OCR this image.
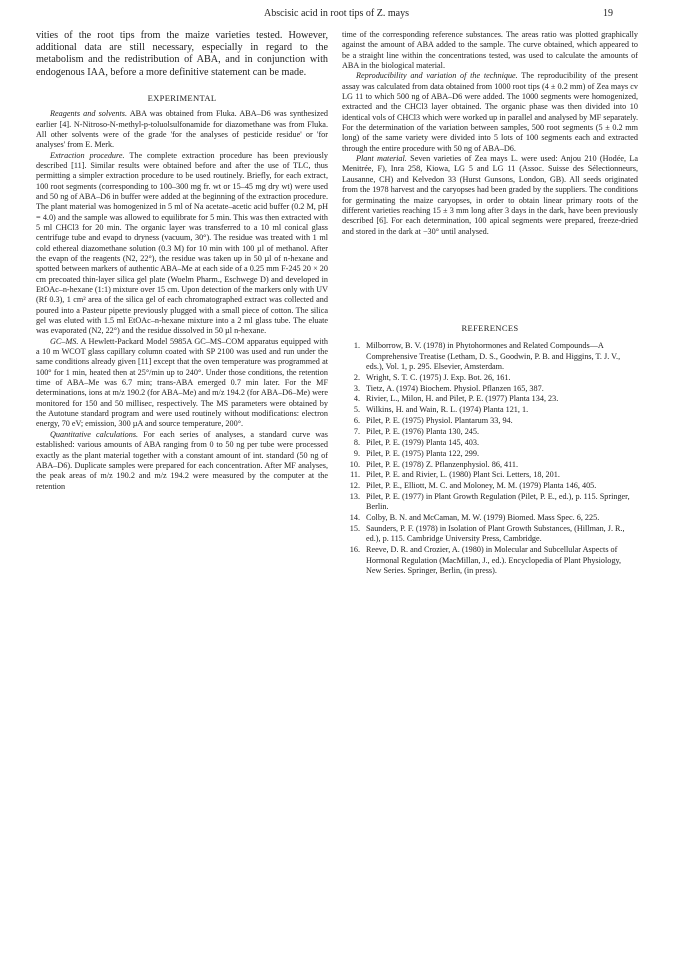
Abscisic acid in root tips of Z. mays	19

vities of the root tips from the maize varieties tested. However, additional data are still necessary, especially in regard to the metabolism and the redistribution of ABA, and in conjunction with endogenous IAA, before a more definitive statement can be made.

EXPERIMENTAL

Reagents and solvents. ABA was obtained from Fluka. ABA–D6 was synthesized earlier [4]. N-Nitroso-N-methyl-p-toluolsulfonamide for diazomethane was from Fluka. All other solvents were of the grade 'for the analyses of pesticide residue' or 'for analyses' from E. Merk.

Extraction procedure. The complete extraction procedure has been previously described [11]. Similar results were obtained before and after the use of TLC, thus permitting a simpler extraction procedure to be used routinely. Briefly, for each extract, 100 root segments (corresponding to 100–300 mg fr. wt or 15–45 mg dry wt) were used and 50 ng of ABA–D6 in buffer were added at the beginning of the extraction procedure. The plant material was homogenized in 5 ml of Na acetate–acetic acid buffer (0.2 M, pH = 4.0) and the sample was allowed to equilibrate for 5 min. This was then extracted with 5 ml CHCl3 for 20 min. The organic layer was transferred to a 10 ml conical glass centrifuge tube and evapd to dryness (vacuum, 30°). The residue was treated with 1 ml cold ethereal diazomethane solution (0.3 M) for 10 min with 100 µl of methanol. After the evapn of the reagents (N2, 22°), the residue was taken up in 50 µl of n-hexane and spotted between markers of authentic ABA–Me at each side of a 0.25 mm F-245 20 × 20 cm precoated thin-layer silica gel plate (Woelm Pharm., Eschwege D) and developed in EtOAc–n-hexane (1:1) mixture over 15 cm. Upon detection of the markers only with UV (Rf 0.3), 1 cm² area of the silica gel of each chromatographed extract was collected and poured into a Pasteur pipette previously plugged with a small piece of cotton. The silica gel was eluted with 1.5 ml EtOAc–n-hexane mixture into a 2 ml glass tube. The eluate was evaporated (N2, 22°) and the residue dissolved in 50 µl n-hexane.

GC–MS. A Hewlett-Packard Model 5985A GC–MS–COM apparatus equipped with a 10 m WCOT glass capillary column coated with SP 2100 was used and run under the same conditions already given [11] except that the oven temperature was programmed at 100° for 1 min, heated then at 25°/min up to 240°. Under those conditions, the retention time of ABA–Me was 6.7 min; trans-ABA emerged 0.7 min later. For the MF determinations, ions at m/z 190.2 (for ABA–Me) and m/z 194.2 (for ABA–D6–Me) were monitored for 150 and 50 millisec, respectively. The MS parameters were obtained by the Autotune standard program and were used routinely without modifications: electron energy, 70 eV; emission, 300 µA and source temperature, 200°.

Quantitative calculations. For each series of analyses, a standard curve was established: various amounts of ABA ranging from 0 to 50 ng per tube were processed exactly as the plant material together with a constant amount of int. standard (50 ng of ABA–D6). Duplicate samples were prepared for each concentration. After MF analyses, the peak areas of m/z 190.2 and m/z 194.2 were measured by the computer at the retention

time of the corresponding reference substances. The areas ratio was plotted graphically against the amount of ABA added to the sample. The curve obtained, which appeared to be a straight line within the concentrations tested, was used to calculate the amounts of ABA in the biological material.

Reproducibility and variation of the technique. The reproducibility of the present assay was calculated from data obtained from 1000 root tips (4 ± 0.2 mm) of Zea mays cv LG 11 to which 500 ng of ABA–D6 were added. The 1000 segments were homogenized, extracted and the CHCl3 layer obtained. The organic phase was then divided into 10 identical vols of CHCl3 which were worked up in parallel and analysed by MF separately. For the determination of the variation between samples, 500 root segments (5 ± 0.2 mm long) of the same variety were divided into 5 lots of 100 segments each and extracted through the entire procedure with 50 ng of ABA–D6.

Plant material. Seven varieties of Zea mays L. were used: Anjou 210 (Hodée, La Menitrée, F), Inra 258, Kiowa, LG 5 and LG 11 (Assoc. Suisse des Sélectionneurs, Lausanne, CH) and Kelvedon 33 (Hurst Gunsons, London, GB). All seeds originated from the 1978 harvest and the caryopses had been graded by the suppliers. The conditions for germinating the maize caryopses, in order to obtain linear primary roots of the different varieties reaching 15 ± 3 mm long after 3 days in the dark, have been previously described [6]. For each determination, 100 apical segments were prepared, freeze-dried and stored in the dark at −30° until analysed.

REFERENCES
1. Milborrow, B. V. (1978) in Phytohormones and Related Compounds—A Comprehensive Treatise (Letham, D. S., Goodwin, P. B. and Higgins, T. J. V., eds.), Vol. 1, p. 295. Elsevier, Amsterdam.
2. Wright, S. T. C. (1975) J. Exp. Bot. 26, 161.
3. Tietz, A. (1974) Biochem. Physiol. Pflanzen 165, 387.
4. Rivier, L., Milon, H. and Pilet, P. E. (1977) Planta 134, 23.
5. Wilkins, H. and Wain, R. L. (1974) Planta 121, 1.
6. Pilet, P. E. (1975) Physiol. Plantarum 33, 94.
7. Pilet, P. E. (1976) Planta 130, 245.
8. Pilet, P. E. (1979) Planta 145, 403.
9. Pilet, P. E. (1975) Planta 122, 299.
10. Pilet, P. E. (1978) Z. Pflanzenphysiol. 86, 411.
11. Pilet, P. E. and Rivier, L. (1980) Plant Sci. Letters, 18, 201.
12. Pilet, P. E., Elliott, M. C. and Moloney, M. M. (1979) Planta 146, 405.
13. Pilet, P. E. (1977) in Plant Growth Regulation (Pilet, P. E., ed.), p. 115. Springer, Berlin.
14. Colby, B. N. and McCaman, M. W. (1979) Biomed. Mass Spec. 6, 225.
15. Saunders, P. F. (1978) in Isolation of Plant Growth Substances, (Hillman, J. R., ed.), p. 115. Cambridge University Press, Cambridge.
16. Reeve, D. R. and Crozier, A. (1980) in Molecular and Subcellular Aspects of Hormonal Regulation (MacMillan, J., ed.). Encyclopedia of Plant Physiology, New Series. Springer, Berlin, (in press).
